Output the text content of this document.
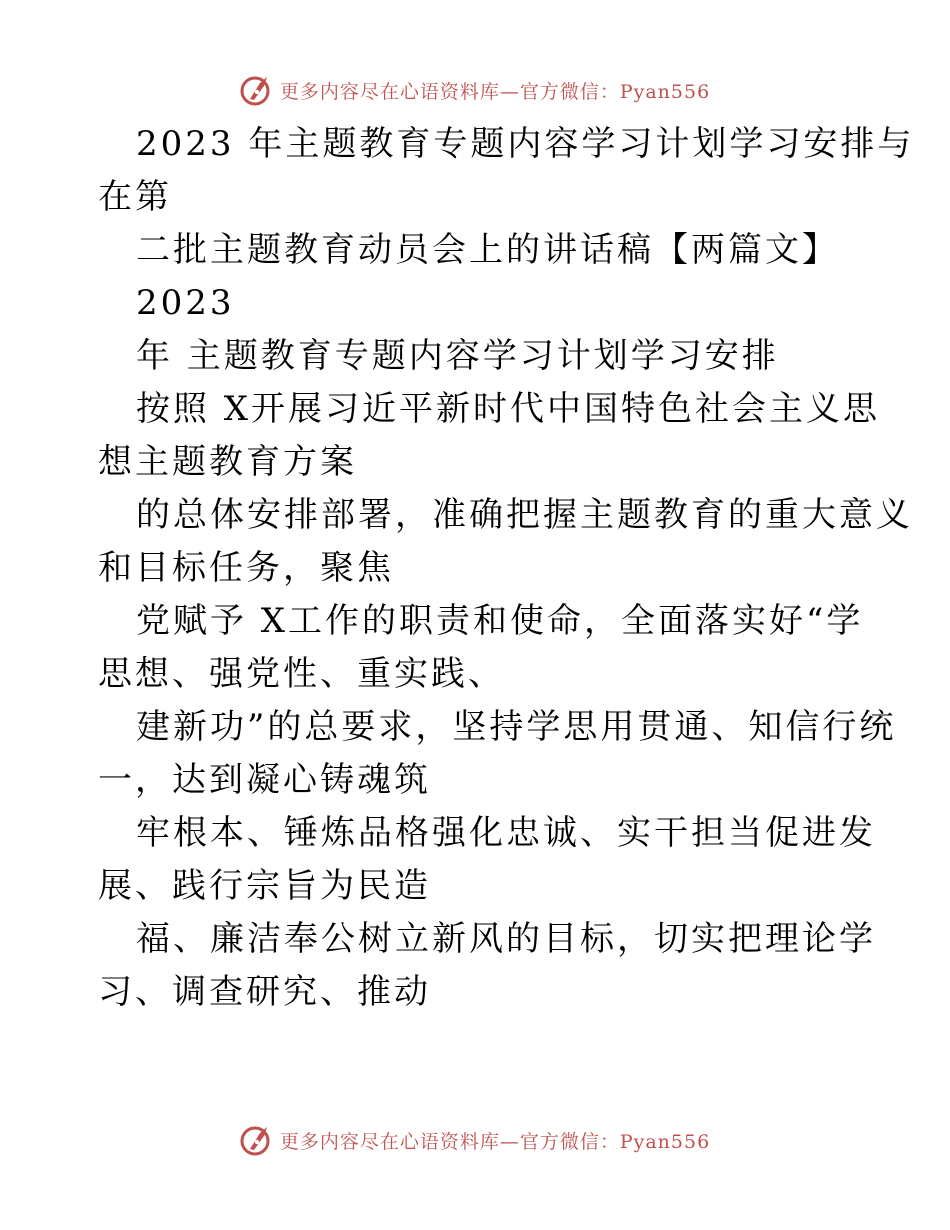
更多内容尽在心语资料库—官方微信：Pyan556
2023 年主题教育专题内容学习计划学习安排与
在第
二批主题教育动员会上的讲话稿【两篇文】
2023
年 主题教育专题内容学习计划学习安排
按照 X开展习近平新时代中国特色社会主义思
想主题教育方案
的总体安排部署，准确把握主题教育的重大意义
和目标任务，聚焦
党赋予 X工作的职责和使命，全面落实好“学
思想、强党性、重实践、
建新功”的总要求，坚持学思用贯通、知信行统
一，达到凝心铸魂筑
牢根本、锤炼品格强化忠诚、实干担当促进发
展、践行宗旨为民造
福、廉洁奉公树立新风的目标，切实把理论学
习、调查研究、推动
更多内容尽在心语资料库—官方微信：Pyan556
